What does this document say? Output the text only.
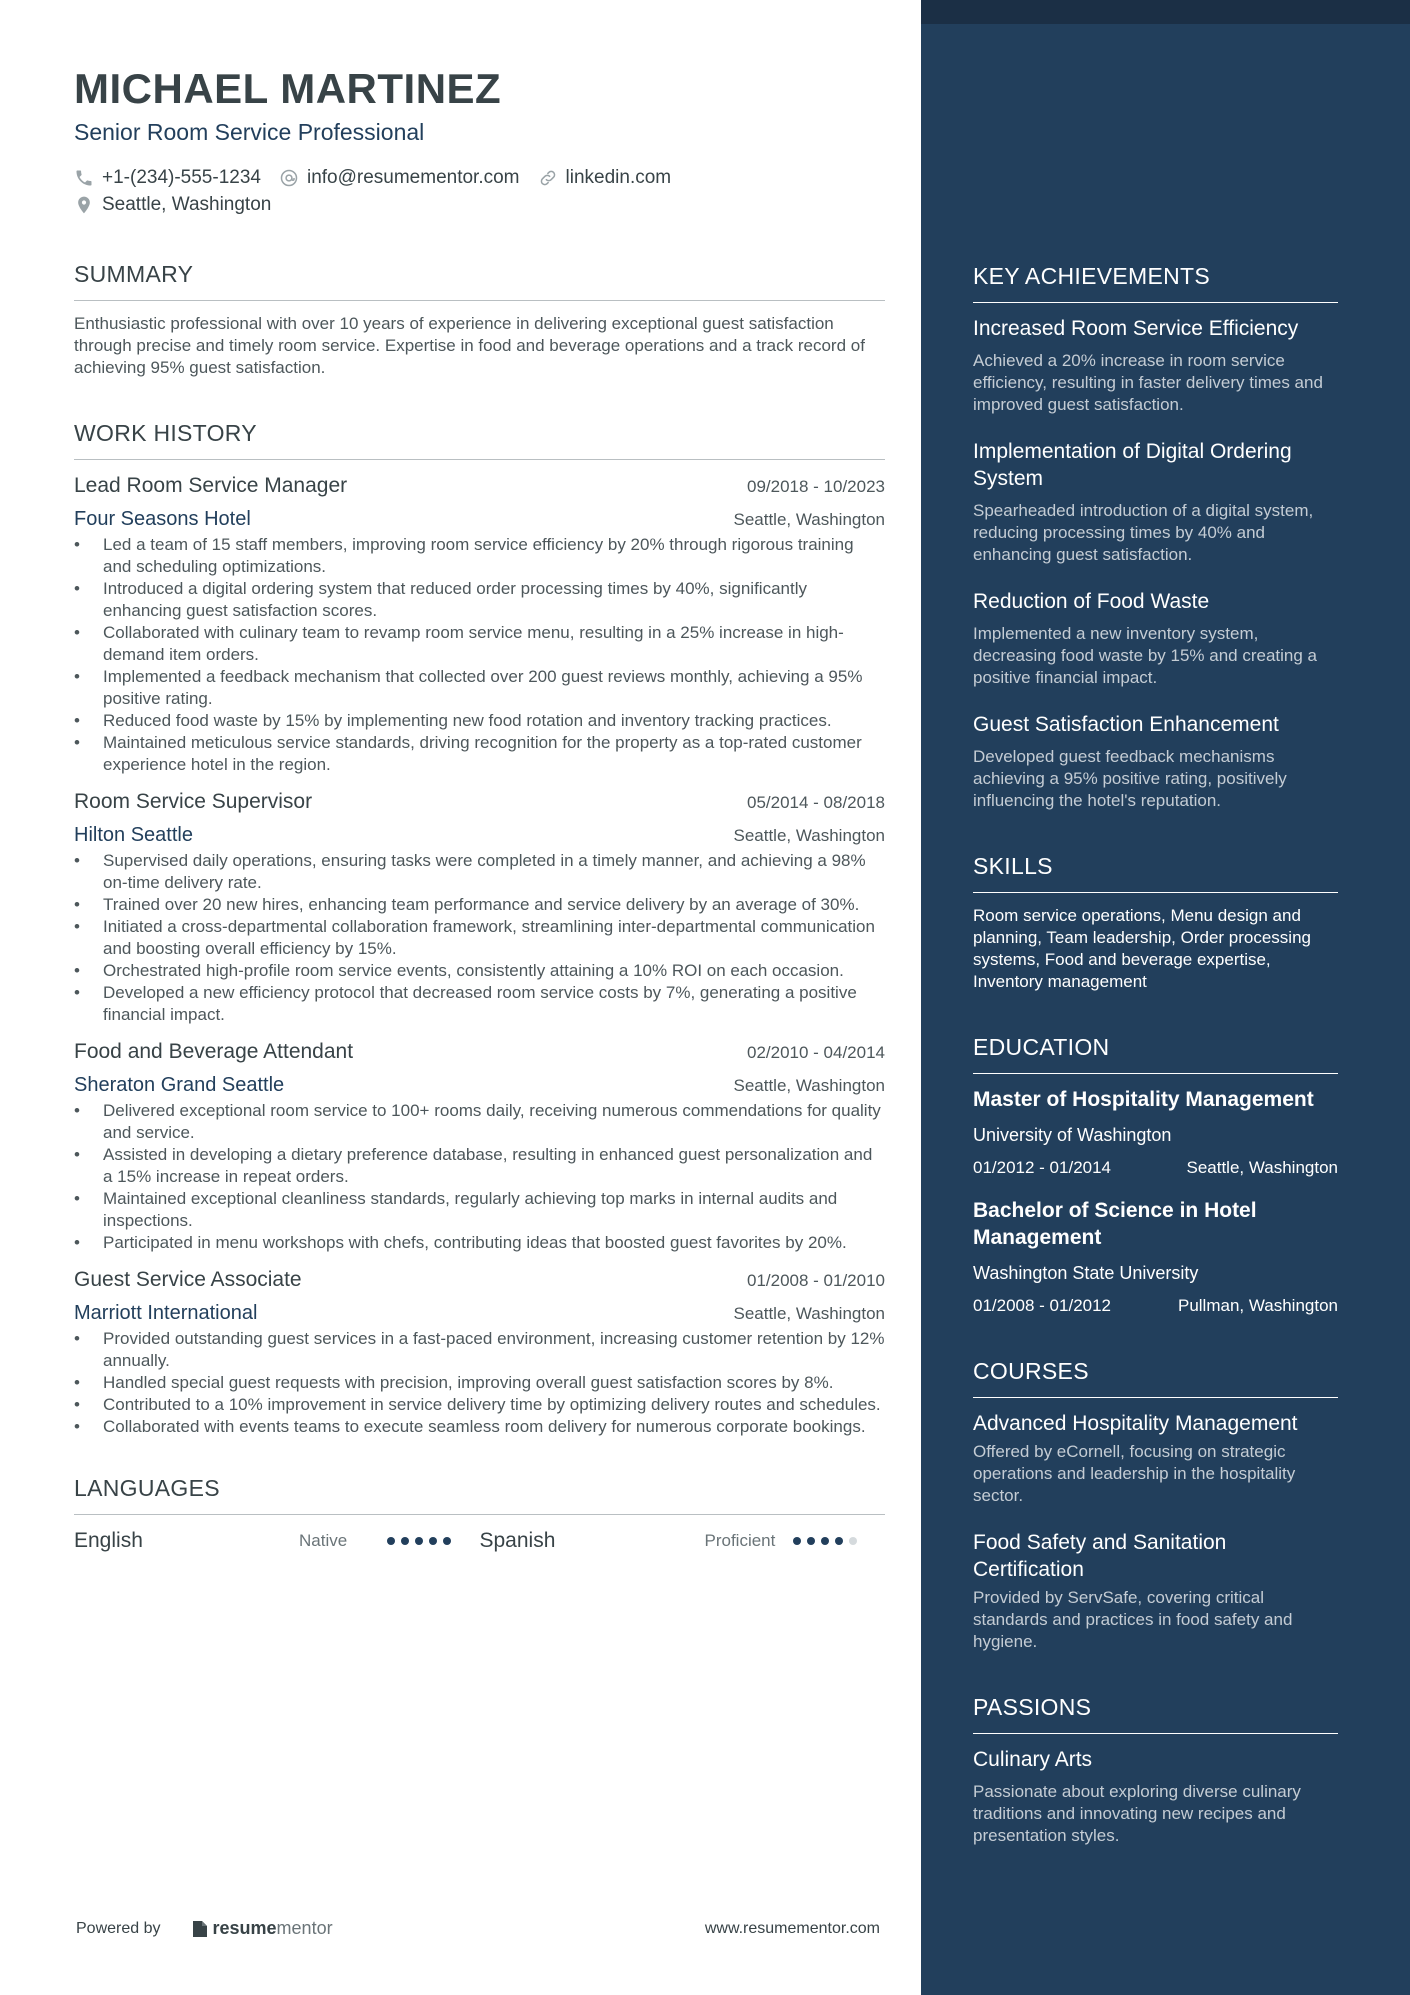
MICHAEL MARTINEZ
Senior Room Service Professional
+1-(234)-555-1234 info@resumementor.com linkedin.com
Seattle, Washington
SUMMARY
Enthusiastic professional with over 10 years of experience in delivering exceptional guest satisfaction through precise and timely room service. Expertise in food and beverage operations and a track record of achieving 95% guest satisfaction.
WORK HISTORY
Lead Room Service Manager	09/2018 - 10/2023
Four Seasons Hotel	Seattle, Washington
• Led a team of 15 staff members, improving room service efficiency by 20% through rigorous training and scheduling optimizations.
• Introduced a digital ordering system that reduced order processing times by 40%, significantly enhancing guest satisfaction scores.
• Collaborated with culinary team to revamp room service menu, resulting in a 25% increase in high-demand item orders.
• Implemented a feedback mechanism that collected over 200 guest reviews monthly, achieving a 95% positive rating.
• Reduced food waste by 15% by implementing new food rotation and inventory tracking practices.
• Maintained meticulous service standards, driving recognition for the property as a top-rated customer experience hotel in the region.
Room Service Supervisor	05/2014 - 08/2018
Hilton Seattle	Seattle, Washington
• Supervised daily operations, ensuring tasks were completed in a timely manner, and achieving a 98% on-time delivery rate.
• Trained over 20 new hires, enhancing team performance and service delivery by an average of 30%.
• Initiated a cross-departmental collaboration framework, streamlining inter-departmental communication and boosting overall efficiency by 15%.
• Orchestrated high-profile room service events, consistently attaining a 10% ROI on each occasion.
• Developed a new efficiency protocol that decreased room service costs by 7%, generating a positive financial impact.
Food and Beverage Attendant	02/2010 - 04/2014
Sheraton Grand Seattle	Seattle, Washington
• Delivered exceptional room service to 100+ rooms daily, receiving numerous commendations for quality and service.
• Assisted in developing a dietary preference database, resulting in enhanced guest personalization and a 15% increase in repeat orders.
• Maintained exceptional cleanliness standards, regularly achieving top marks in internal audits and inspections.
• Participated in menu workshops with chefs, contributing ideas that boosted guest favorites by 20%.
Guest Service Associate	01/2008 - 01/2010
Marriott International	Seattle, Washington
• Provided outstanding guest services in a fast-paced environment, increasing customer retention by 12% annually.
• Handled special guest requests with precision, improving overall guest satisfaction scores by 8%.
• Contributed to a 10% improvement in service delivery time by optimizing delivery routes and schedules.
• Collaborated with events teams to execute seamless room delivery for numerous corporate bookings.
LANGUAGES
English	Native	Spanish	Proficient
Powered by	resume mentor	www.resumementor.com
KEY ACHIEVEMENTS
Increased Room Service Efficiency
Achieved a 20% increase in room service efficiency, resulting in faster delivery times and improved guest satisfaction.
Implementation of Digital Ordering System
Spearheaded introduction of a digital system, reducing processing times by 40% and enhancing guest satisfaction.
Reduction of Food Waste
Implemented a new inventory system, decreasing food waste by 15% and creating a positive financial impact.
Guest Satisfaction Enhancement
Developed guest feedback mechanisms achieving a 95% positive rating, positively influencing the hotel's reputation.
SKILLS
Room service operations, Menu design and planning, Team leadership, Order processing systems, Food and beverage expertise, Inventory management
EDUCATION
Master of Hospitality Management
University of Washington
01/2012 - 01/2014	Seattle, Washington
Bachelor of Science in Hotel Management
Washington State University
01/2008 - 01/2012	Pullman, Washington
COURSES
Advanced Hospitality Management
Offered by eCornell, focusing on strategic operations and leadership in the hospitality sector.
Food Safety and Sanitation Certification
Provided by ServSafe, covering critical standards and practices in food safety and hygiene.
PASSIONS
Culinary Arts
Passionate about exploring diverse culinary traditions and innovating new recipes and presentation styles.
